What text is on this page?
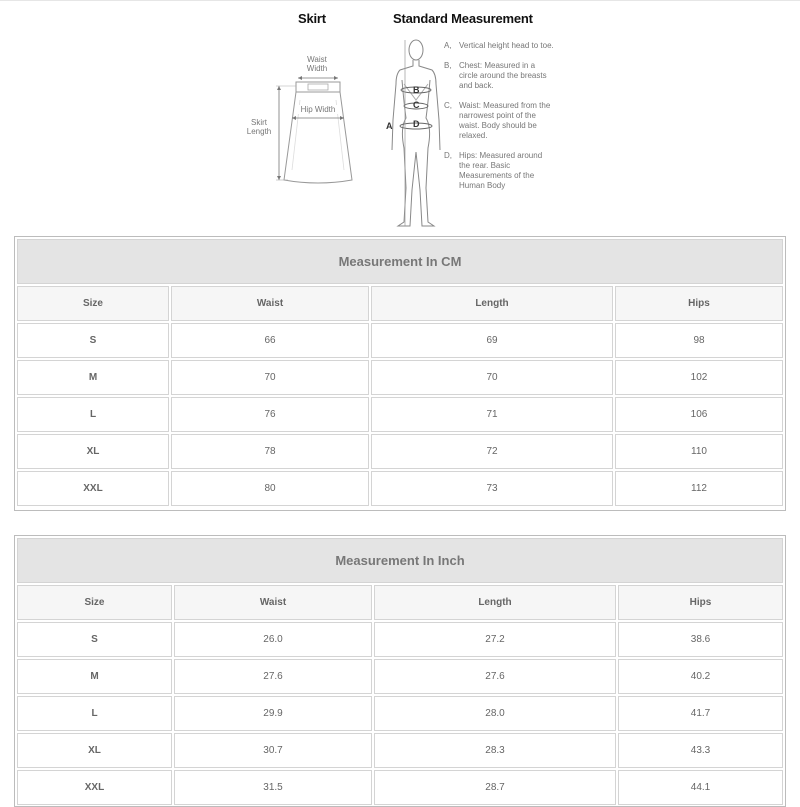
Skirt	Standard Measurement
Waist Width
Hip Width
Skirt Length
A
B
C
D
A, Vertical height head to toe.
B, Chest: Measured in a circle around the breasts and back.
C, Waist: Measured from the narrowest point of the waist. Body should be relaxed.
D, Hips: Measured around the rear. Basic Measurements of the Human Body
Measurement In CM			
Size	Waist	Length	Hips
S	66	69	98
M	70	70	102
L	76	71	106
XL	78	72	110
XXL	80	73	112
Measurement In Inch			
Size	Waist	Length	Hips
S	26.0	27.2	38.6
M	27.6	27.6	40.2
L	29.9	28.0	41.7
XL	30.7	28.3	43.3
XXL	31.5	28.7	44.1
